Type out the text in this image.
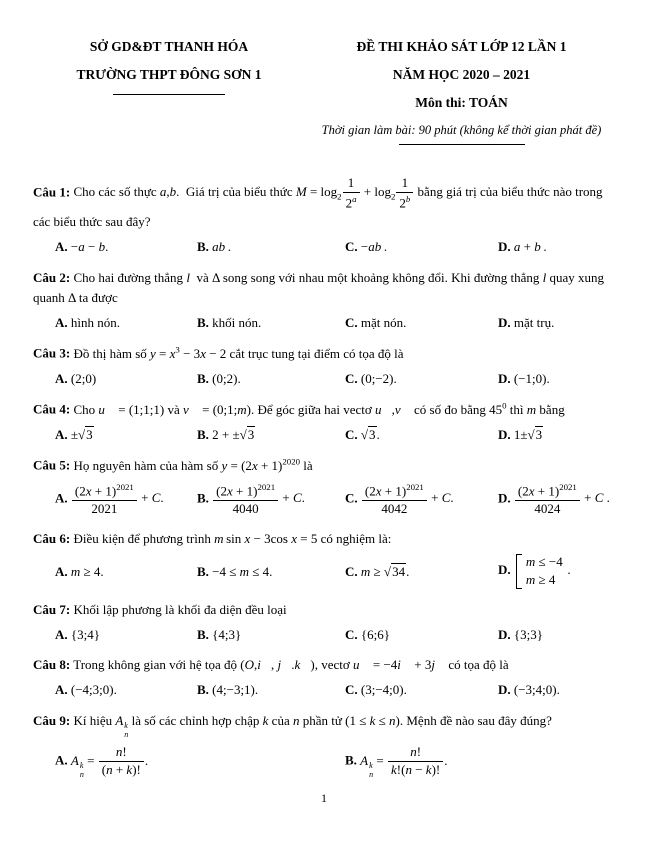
SỞ GD&ĐT THANH HÓA
TRƯỜNG THPT ĐÔNG SƠN 1
ĐỀ THI KHẢO SÁT LỚP 12 LẦN 1
NĂM HỌC 2020 – 2021
Môn thi: TOÁN
Thời gian làm bài: 90 phút (không kể thời gian phát đề)

Câu 1: Cho các số thực a,b.  Giá trị của biểu thức $M = \log_2 \frac{1}{2^a} + \log_2 \frac{1}{2^b}$ bằng giá trị của biểu thức nào trong các biểu thức sau đây?

A. −a − b.	B. ab .	C. −ab .	D. a + b .

Câu 2: Cho hai đường thẳng l  và Δ song song với nhau một khoảng không đổi. Khi đường thẳng l quay xung quanh Δ ta được

A. hình nón.	B. khối nón.	C. mặt nón.	D. mặt trụ.

Câu 3: Đồ thị hàm số $y = x^3 - 3x - 2$ cắt trục tung tại điểm có tọa độ là

A. (2;0)	B. (0;2).	C. (0;−2).	D. (−1;0).

Câu 4: Cho u⃗ = (1;1;1) và v⃗ = (0;1;m). Để góc giữa hai vectơ u⃗,v⃗ có số đo bằng $45^0$ thì m bằng

A. ±√3	B. 2 + ±√3	C. √3.	D. 1±√3

Câu 5: Họ nguyên hàm của hàm số $y = (2x + 1)^{2020}$ là

A. $\frac{(2x + 1)^{2021}}{2021} + C$.	B. $\frac{(2x + 1)^{2021}}{4040} + C$.	C. $\frac{(2x + 1)^{2021}}{4042} + C$.	D. $\frac{(2x + 1)^{2021}}{4024} + C$ .

Câu 6: Điều kiện để phương trình m sin x − 3cos x = 5 có nghiệm là:

A. m ≥ 4.	B. −4 ≤ m ≤ 4.	C. m ≥ √34.	D.
m ≤ −4
m ≥ 4
 .

Câu 7: Khối lập phương là khối đa diện đều loại

A. {3;4}	B. {4;3}	C. {6;6}	D. {3;3}

Câu 8: Trong không gian với hệ tọa độ (O,i⃗, j⃗.k⃗), vectơ u⃗ = −4i⃗ + 3j⃗ có tọa độ là

A. (−4;3;0).	B. (4;−3;1).	C. (3;−4;0).	D. (−3;4;0).

Câu 9: Kí hiệu A k
n
là số các chỉnh hợp chập k của n phần tử (1 ≤ k ≤ n). Mệnh đề nào sau đây đúng?

A. A k
n
= $\frac{n!}{(n + k)!}$ .	B. A k
n
= $\frac{n!}{k!(n - k)!}$ .
1
